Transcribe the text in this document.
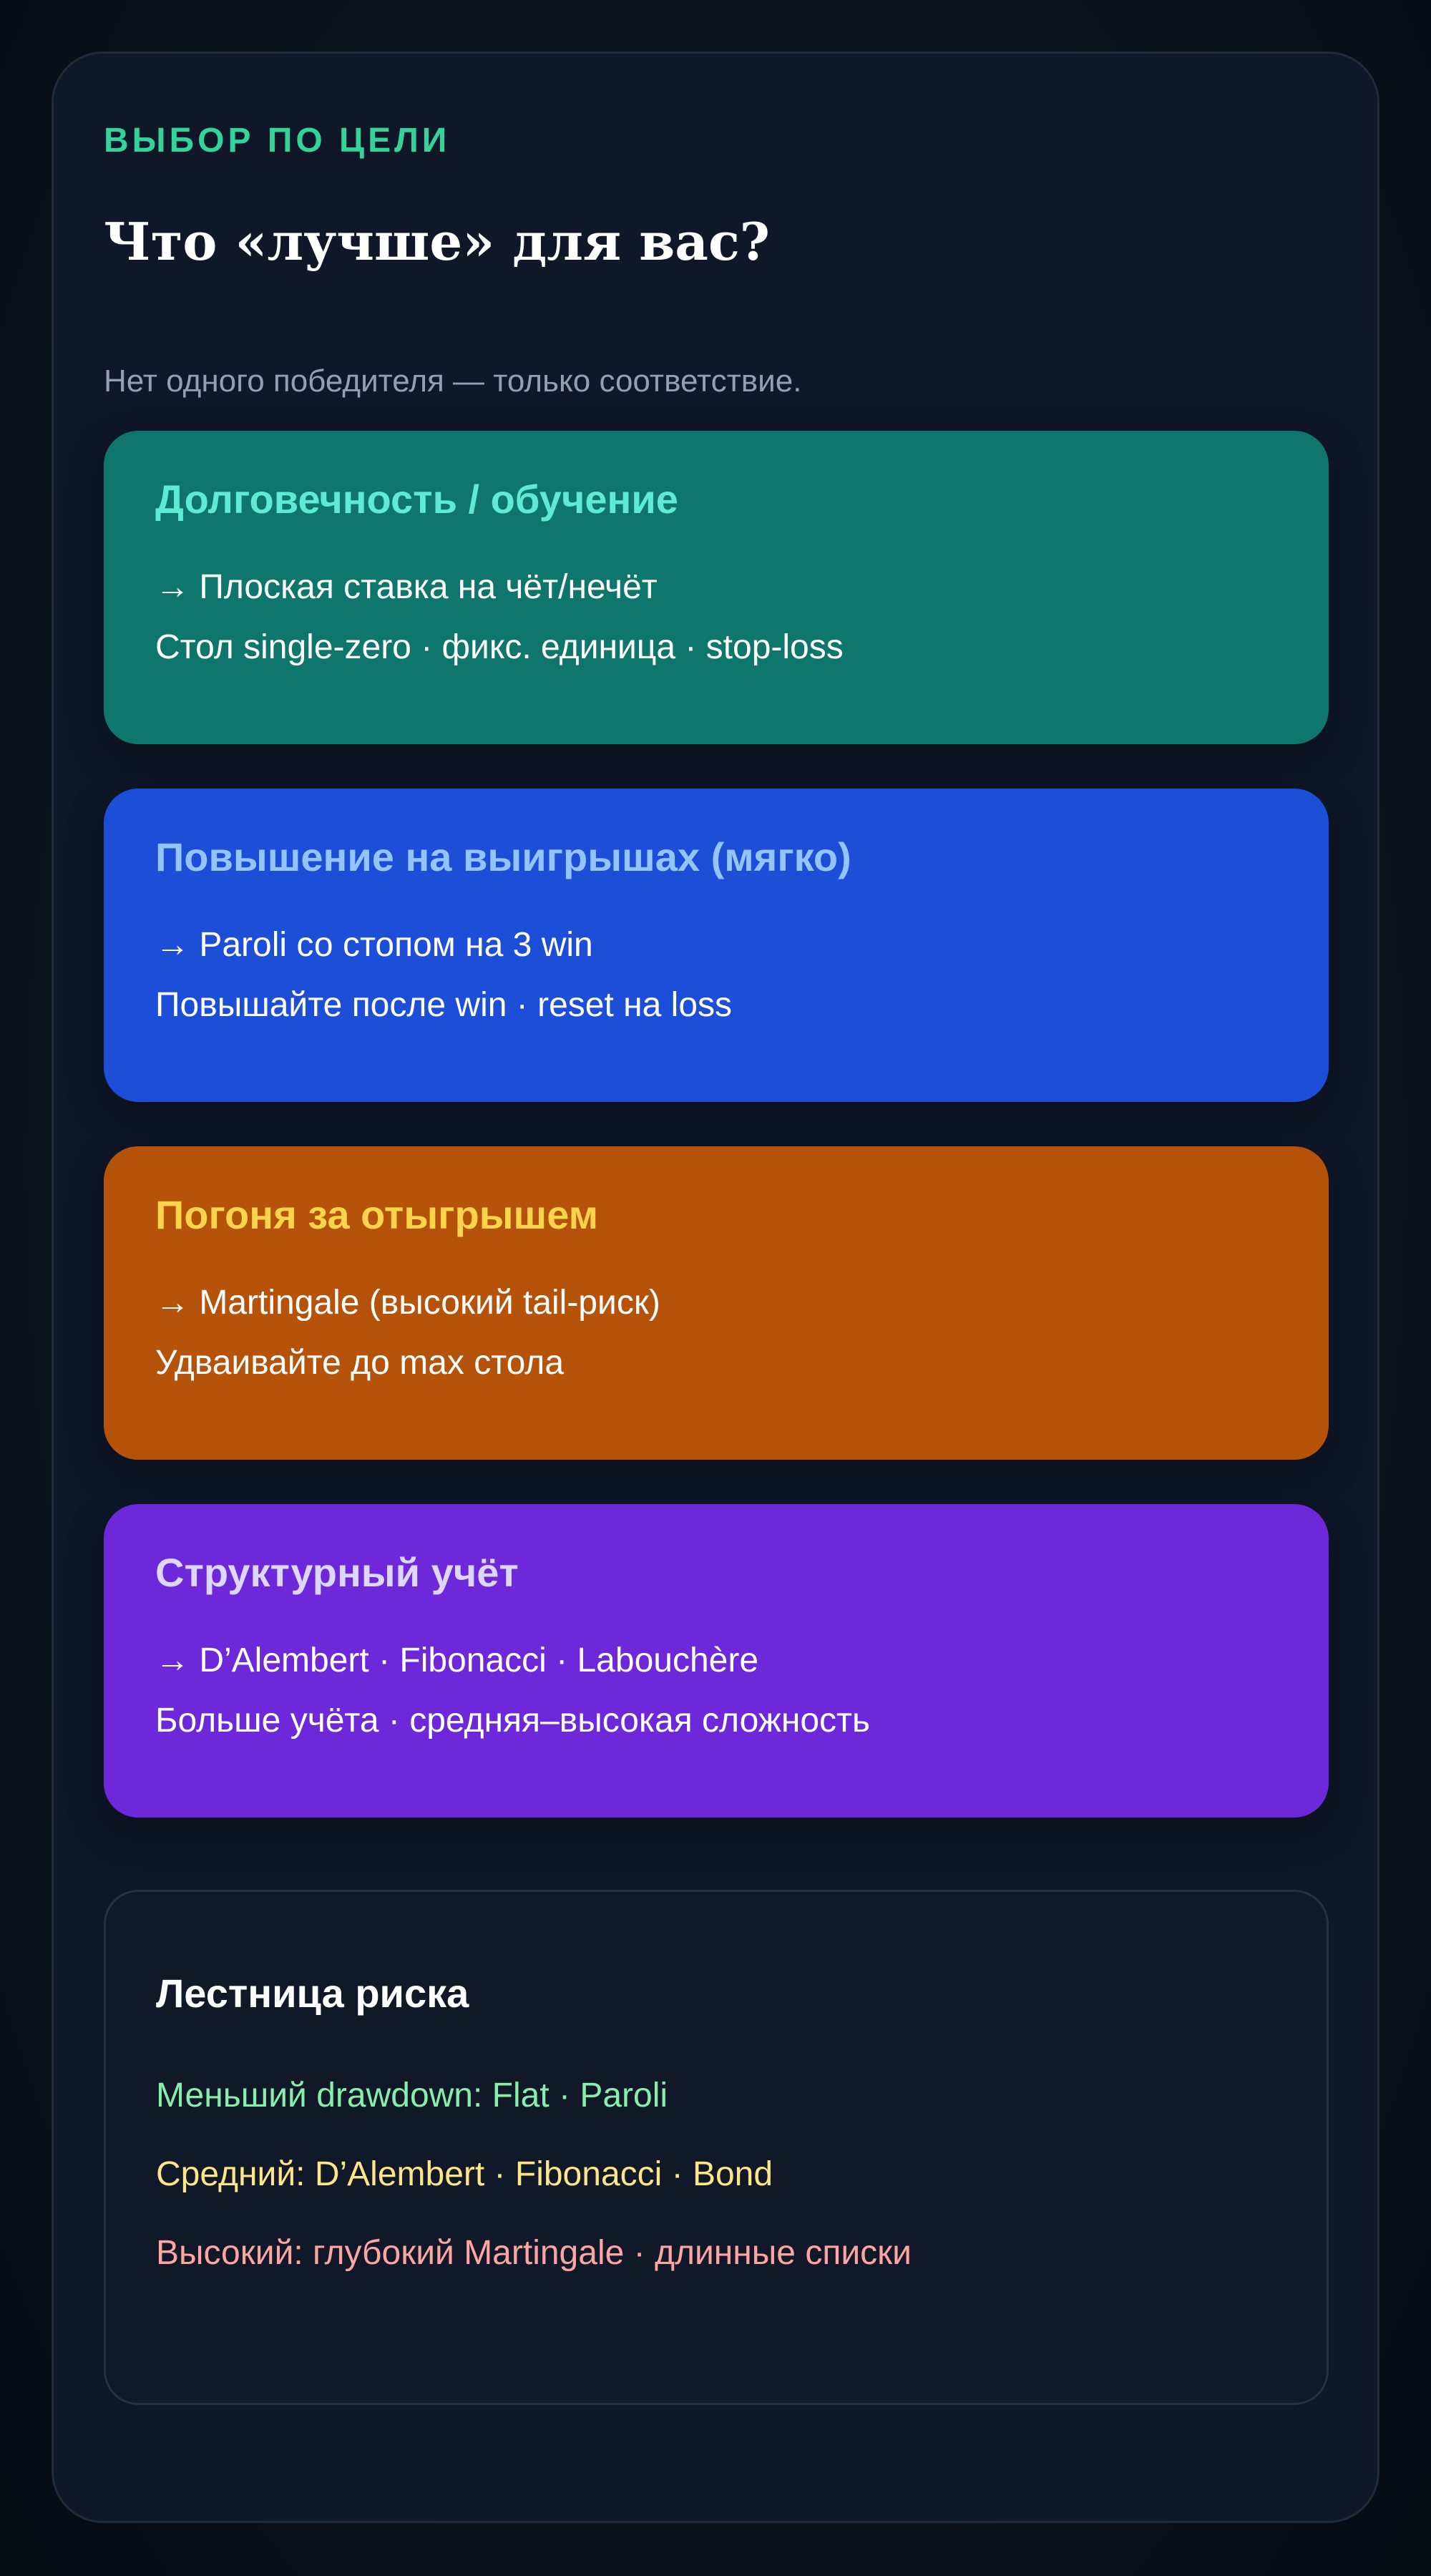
ВЫБОР ПО ЦЕЛИ

Что «лучше» для вас?

Нет одного победителя — только соответствие.

Долговечность / обучение

→ Плоская ставка на чёт/нечёт

Стол single-zero · фикс. единица · stop-loss

Повышение на выигрышах (мягко)

→ Paroli со стопом на 3 win

Повышайте после win · reset на loss

Погоня за отыгрышем

→ Martingale (высокий tail-риск)

Удваивайте до max стола

Структурный учёт

→ D’Alembert · Fibonacci · Labouchère

Больше учёта · средняя–высокая сложность

Лестница риска

Меньший drawdown: Flat · Paroli

Средний: D’Alembert · Fibonacci · Bond

Высокий: глубокий Martingale · длинные списки
